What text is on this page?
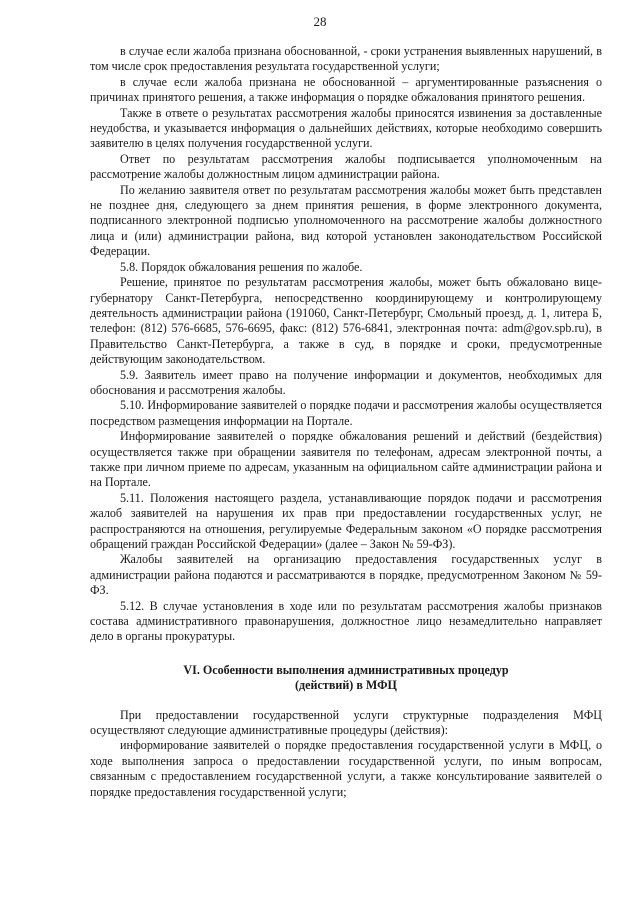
28

в случае если жалоба признана обоснованной, - сроки устранения выявленных нарушений, в том числе срок предоставления результата государственной услуги;

в случае если жалоба признана не обоснованной – аргументированные разъяснения о причинах принятого решения, а также информация о порядке обжалования принятого решения.

Также в ответе о результатах рассмотрения жалобы приносятся извинения за доставленные неудобства, и указывается информация о дальнейших действиях, которые необходимо совершить заявителю в целях получения государственной услуги.

Ответ по результатам рассмотрения жалобы подписывается уполномоченным на рассмотрение жалобы должностным лицом администрации района.

По желанию заявителя ответ по результатам рассмотрения жалобы может быть представлен не позднее дня, следующего за днем принятия решения, в форме электронного документа, подписанного электронной подписью уполномоченного на рассмотрение жалобы должностного лица и (или) администрации района, вид которой установлен законодательством Российской Федерации.

5.8. Порядок обжалования решения по жалобе.

Решение, принятое по результатам рассмотрения жалобы, может быть обжаловано вице-губернатору Санкт-Петербурга, непосредственно координирующему и контролирующему деятельность администрации района (191060, Санкт-Петербург, Смольный проезд, д. 1, литера Б, телефон: (812) 576-6685, 576-6695, факс: (812) 576-6841, электронная почта: adm@gov.spb.ru), в Правительство Санкт-Петербурга, а также в суд, в порядке и сроки, предусмотренные действующим законодательством.

5.9. Заявитель имеет право на получение информации и документов, необходимых для обоснования и рассмотрения жалобы.

5.10. Информирование заявителей о порядке подачи и рассмотрения жалобы осуществляется посредством размещения информации на Портале.

Информирование заявителей о порядке обжалования решений и действий (бездействия) осуществляется также при обращении заявителя по телефонам, адресам электронной почты, а также при личном приеме по адресам, указанным на официальном сайте администрации района и на Портале.

5.11. Положения настоящего раздела, устанавливающие порядок подачи и рассмотрения жалоб заявителей на нарушения их прав при предоставлении государственных услуг, не распространяются на отношения, регулируемые Федеральным законом «О порядке рассмотрения обращений граждан Российской Федерации» (далее – Закон № 59-ФЗ).

Жалобы заявителей на организацию предоставления государственных услуг в администрации района подаются и рассматриваются в порядке, предусмотренном Законом № 59-ФЗ.

5.12. В случае установления в ходе или по результатам рассмотрения жалобы признаков состава административного правонарушения, должностное лицо незамедлительно направляет дело в органы прокуратуры.

VI. Особенности выполнения административных процедур
(действий) в МФЦ

При предоставлении государственной услуги структурные подразделения МФЦ осуществляют следующие административные процедуры (действия):

информирование заявителей о порядке предоставления государственной услуги в МФЦ, о ходе выполнения запроса о предоставлении государственной услуги, по иным вопросам, связанным с предоставлением государственной услуги, а также консультирование заявителей о порядке предоставления государственной услуги;
